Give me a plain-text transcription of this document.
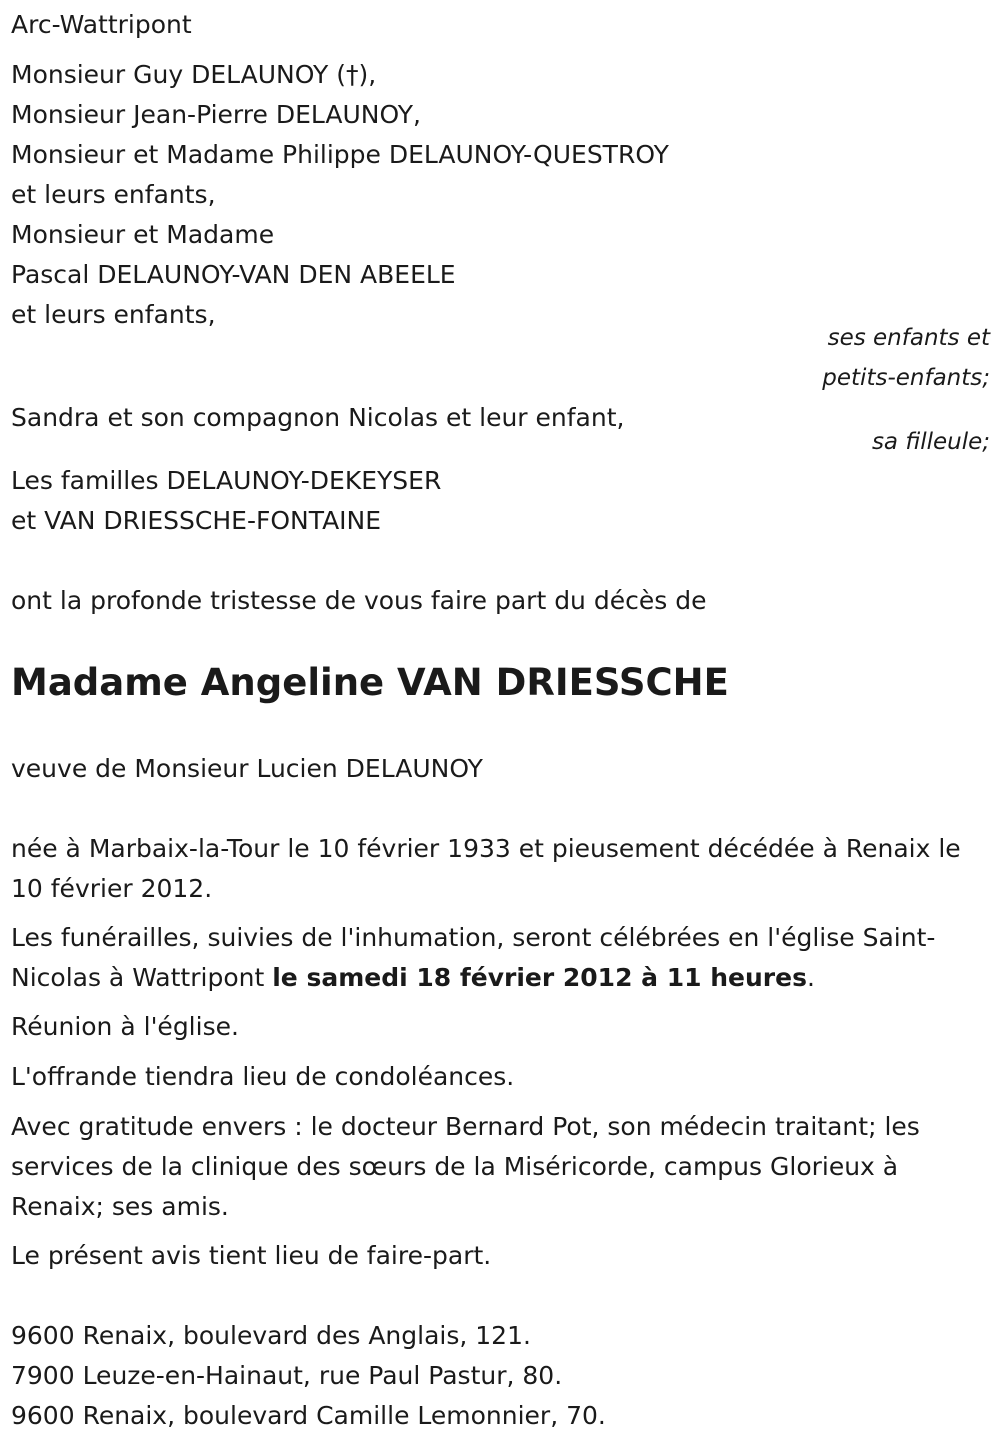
Arc-Wattripont
Monsieur Guy DELAUNOY (†),
Monsieur Jean-Pierre DELAUNOY,
Monsieur et Madame Philippe DELAUNOY-QUESTROY
et leurs enfants,
Monsieur et Madame
Pascal DELAUNOY-VAN DEN ABEELE
et leurs enfants,
ses enfants et
petits-enfants;
Sandra et son compagnon Nicolas et leur enfant,
sa filleule;
Les familles DELAUNOY-DEKEYSER
et VAN DRIESSCHE-FONTAINE
ont la profonde tristesse de vous faire part du décès de
Madame Angeline VAN DRIESSCHE
veuve de Monsieur Lucien DELAUNOY
née à Marbaix-la-Tour le 10 février 1933 et pieusement décédée à Renaix le 10 février 2012.
Les funérailles, suivies de l'inhumation, seront célébrées en l'église Saint-Nicolas à Wattripont le samedi 18 février 2012 à 11 heures.
Réunion à l'église.
L'offrande tiendra lieu de condoléances.
Avec gratitude envers : le docteur Bernard Pot, son médecin traitant; les services de la clinique des sœurs de la Miséricorde, campus Glorieux à Renaix; ses amis.
Le présent avis tient lieu de faire-part.
9600 Renaix, boulevard des Anglais, 121.
7900 Leuze-en-Hainaut, rue Paul Pastur, 80.
9600 Renaix, boulevard Camille Lemonnier, 70.
